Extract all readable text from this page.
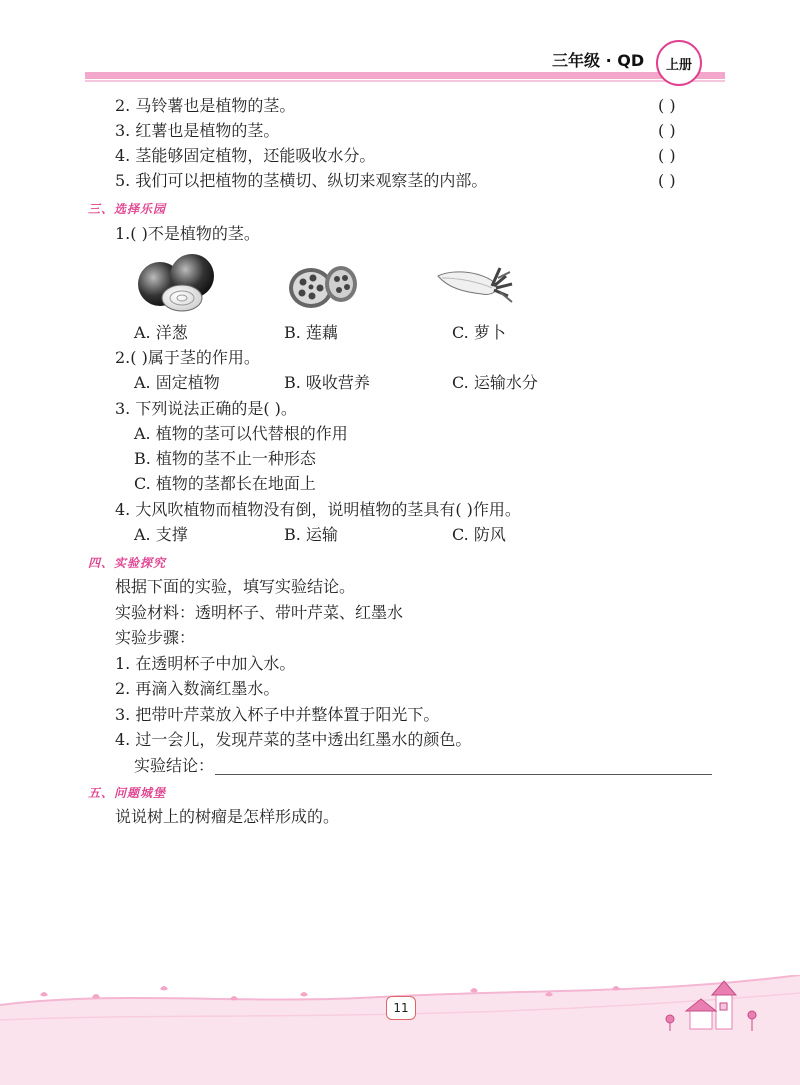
三年级 · QD	上册
2. 马铃薯也是植物的茎。	( )
3. 红薯也是植物的茎。	( )
4. 茎能够固定植物，还能吸收水分。	( )
5. 我们可以把植物的茎横切、纵切来观察茎的内部。	( )
三、选择乐园
1.( )不是植物的茎。
A. 洋葱	B. 莲藕	C. 萝卜
2.( )属于茎的作用。
A. 固定植物	B. 吸收营养	C. 运输水分
3. 下列说法正确的是( )。
A. 植物的茎可以代替根的作用
B. 植物的茎不止一种形态
C. 植物的茎都长在地面上
4. 大风吹植物而植物没有倒，说明植物的茎具有( )作用。
A. 支撑	B. 运输	C. 防风
四、实验探究
根据下面的实验，填写实验结论。
实验材料：透明杯子、带叶芹菜、红墨水
实验步骤：
1. 在透明杯子中加入水。
2. 再滴入数滴红墨水。
3. 把带叶芹菜放入杯子中并整体置于阳光下。
4. 过一会儿，发现芹菜的茎中透出红墨水的颜色。
实验结论：
五、问题城堡
说说树上的树瘤是怎样形成的。
11
